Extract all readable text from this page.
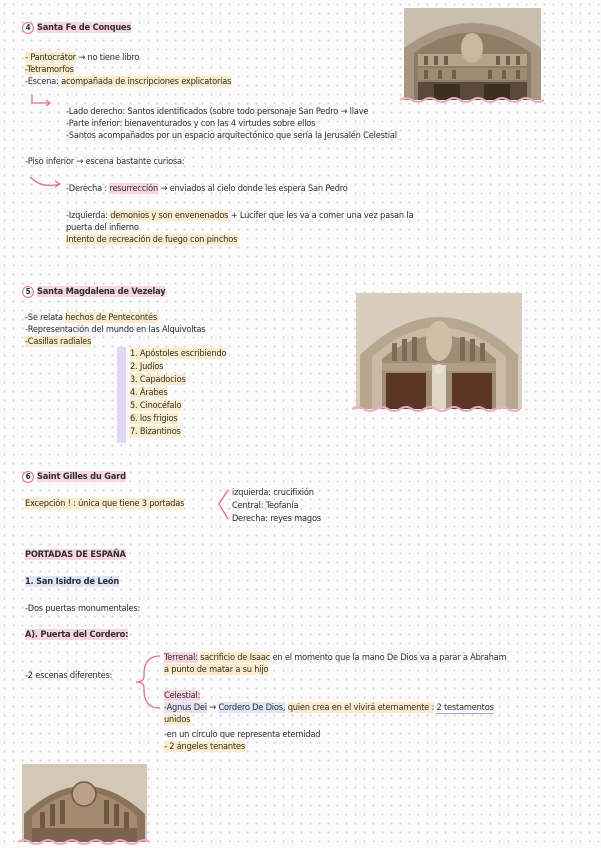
4 Santa Fe de Conques
- Pantocrátor → no tiene libro
-Tetramorfos
-Escena: acompañada de inscripciones explicatorias
-Lado derecho: Santos identificados (sobre todo personaje San Pedro → llave
-Parte inferior: bienaventurados y con las 4 virtudes sobre ellos
-Santos acompañados por un espacio arquitectónico que sería la Jerusalén Celestial
-Piso inferior → escena bastante curiosa:
-Derecha : resurrección → enviados al cielo donde les espera San Pedro
-Izquierda: demonios y son envenenados + Lucifer que les va a comer una vez pasan la
puerta del infierno
Intento de recreación de fuego con pinchos
5 Santa Magdalena de Vezelay
-Se relata hechos de Pentecontés
-Representación del mundo en las Alquivoltas
-Casillas radiales
1. Apóstoles escribiendo
2. Judíos
3. Capadocios
4. Árabes
5. Cinocéfalo
6. los frigios
7. Bizantinos
6 Saint Gilles du Gard
Excepción ! : única que tiene 3 portadas
izquierda: crucifixión
Central: Teofanía
Derecha: reyes magos
PORTADAS DE ESPAÑA
1. San Isidro de León
-Dos puertas monumentales:
A). Puerta del Cordero:
-2 escenas diferentes:
Terrenal: sacrificio de Isaac en el momento que la mano De Dios va a parar a Abraham
a punto de matar a su hijo
Celestial:
-Agnus Dei → Cordero De Dios, quien crea en el vivirá eternamente : 2 testamentos
unidos
-en un círculo que representa eternidad
- 2 ángeles tenantes
